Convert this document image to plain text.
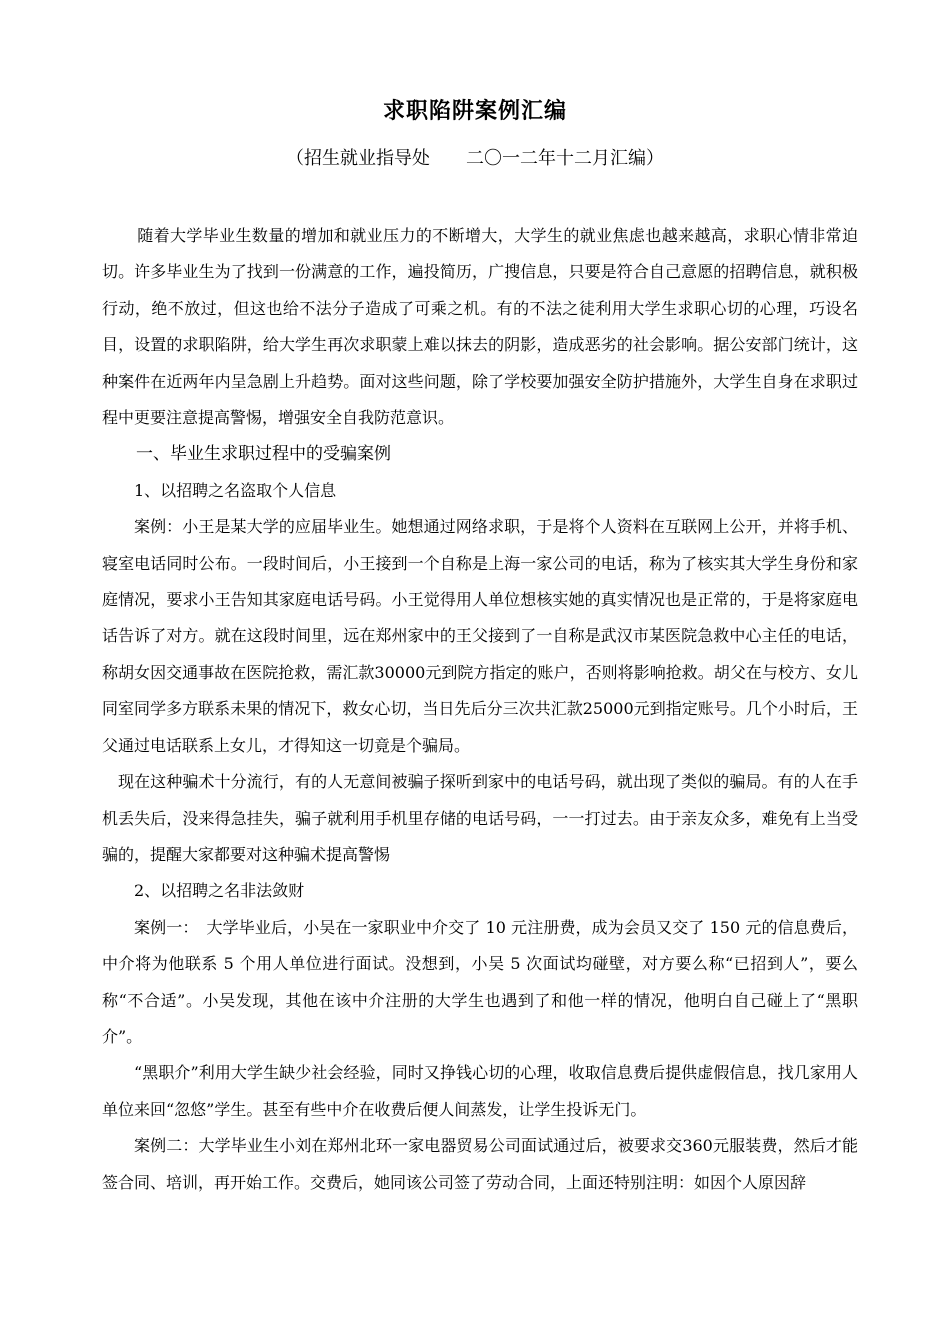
求职陷阱案例汇编
（招生就业指导处　　二〇一二年十二月汇编）

随着大学毕业生数量的增加和就业压力的不断增大，大学生的就业焦虑也越来越高，求职心情非常迫切。许多毕业生为了找到一份满意的工作，遍投简历，广搜信息，只要是符合自己意愿的招聘信息，就积极行动，绝不放过，但这也给不法分子造成了可乘之机。有的不法之徒利用大学生求职心切的心理，巧设名目，设置的求职陷阱，给大学生再次求职蒙上难以抹去的阴影，造成恶劣的社会影响。据公安部门统计，这种案件在近两年内呈急剧上升趋势。面对这些问题，除了学校要加强安全防护措施外，大学生自身在求职过程中更要注意提高警惕，增强安全自我防范意识。

一、毕业生求职过程中的受骗案例

1、以招聘之名盗取个人信息

案例：小王是某大学的应届毕业生。她想通过网络求职，于是将个人资料在互联网上公开，并将手机、寝室电话同时公布。一段时间后，小王接到一个自称是上海一家公司的电话，称为了核实其大学生身份和家庭情况，要求小王告知其家庭电话号码。小王觉得用人单位想核实她的真实情况也是正常的，于是将家庭电话告诉了对方。就在这段时间里，远在郑州家中的王父接到了一自称是武汉市某医院急救中心主任的电话，称胡女因交通事故在医院抢救，需汇款30000元到院方指定的账户，否则将影响抢救。胡父在与校方、女儿同室同学多方联系未果的情况下，救女心切，当日先后分三次共汇款25000元到指定账号。几个小时后，王父通过电话联系上女儿，才得知这一切竟是个骗局。

现在这种骗术十分流行，有的人无意间被骗子探听到家中的电话号码，就出现了类似的骗局。有的人在手机丢失后，没来得急挂失，骗子就利用手机里存储的电话号码，一一打过去。由于亲友众多，难免有上当受骗的，提醒大家都要对这种骗术提高警惕

2、以招聘之名非法敛财

案例一：　大学毕业后，小吴在一家职业中介交了 10 元注册费，成为会员又交了 150 元的信息费后，中介将为他联系 5 个用人单位进行面试。没想到，小吴 5 次面试均碰壁，对方要么称“已招到人”，要么称“不合适”。小吴发现，其他在该中介注册的大学生也遇到了和他一样的情况，他明白自己碰上了“黑职介”。

“黑职介”利用大学生缺少社会经验，同时又挣钱心切的心理，收取信息费后提供虚假信息，找几家用人单位来回“忽悠”学生。甚至有些中介在收费后便人间蒸发，让学生投诉无门。

案例二：大学毕业生小刘在郑州北环一家电器贸易公司面试通过后，被要求交360元服装费，然后才能签合同、培训，再开始工作。交费后，她同该公司签了劳动合同，上面还特别注明：如因个人原因辞
